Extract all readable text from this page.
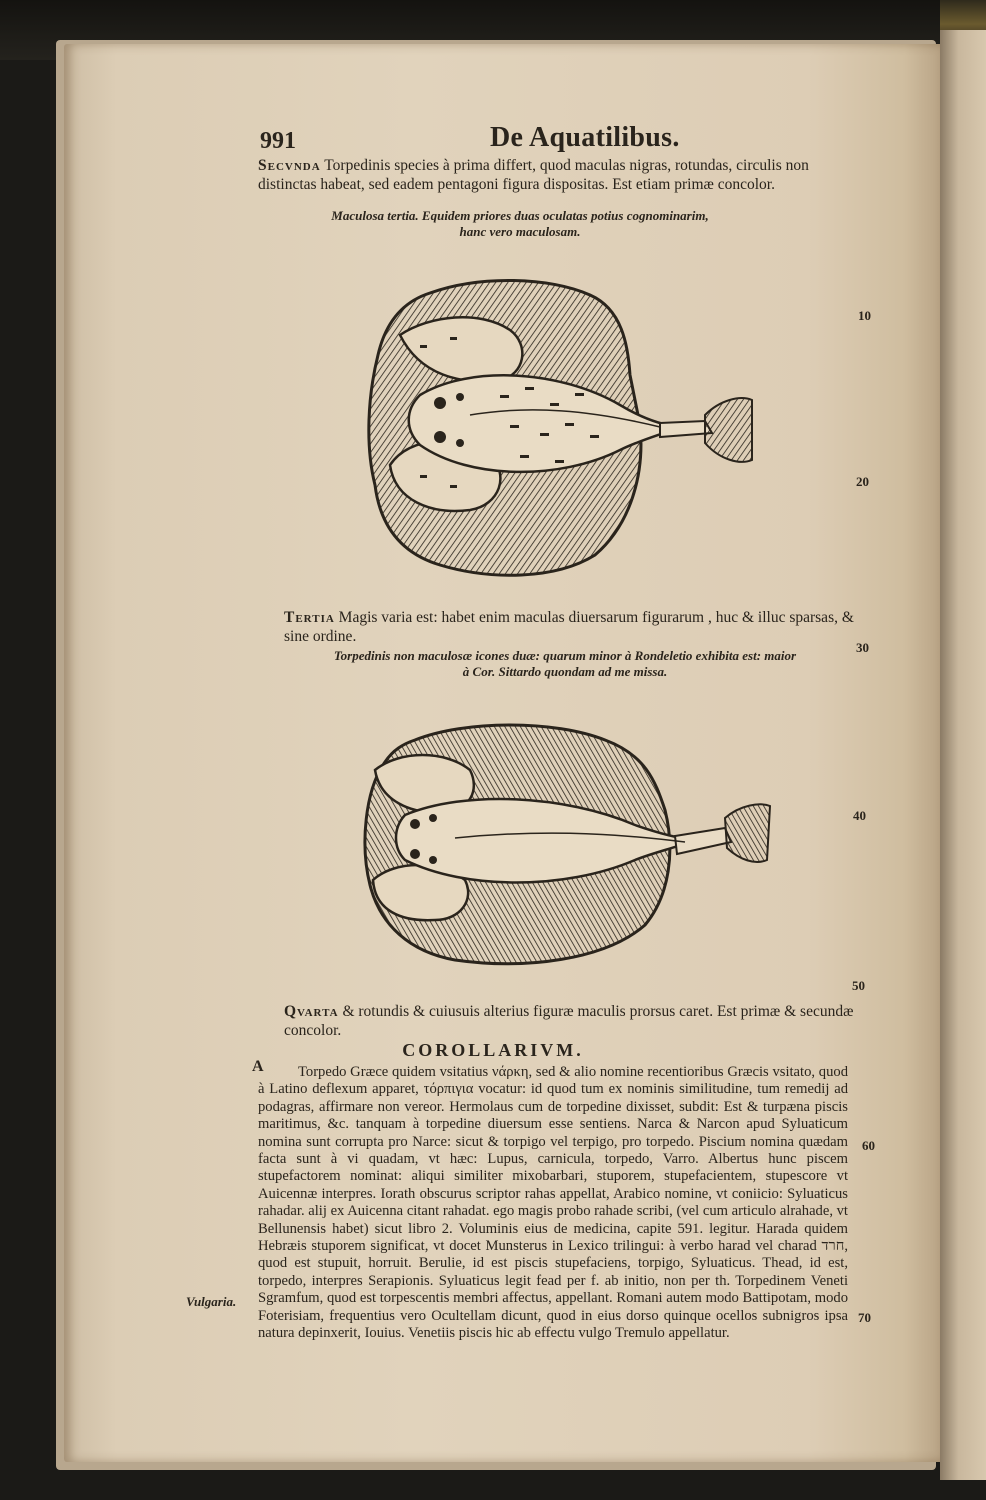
991	De Aquatilibus.
Secvnda Torpedinis species à prima differt, quod maculas nigras, rotundas, circulis non distinctas habeat, sed eadem pentagoni figura dispositas. Est etiam primæ concolor.
Maculosa tertia. Equidem priores duas oculatas potius cognominarim,
hanc vero maculosam.
Tertia Magis varia est: habet enim maculas diuersarum figurarum , huc & illuc sparsas, & sine ordine.
Torpedinis non maculosæ icones duæ: quarum minor à Rondeletio exhibita est: maior
à Cor. Sittardo quondam ad me missa.
Qvarta & rotundis & cuiusuis alterius figuræ maculis prorsus caret. Est primæ & secundæ concolor.
COROLLARIVM.
A	Torpedo Græce quidem vsitatius νάρκη, sed & alio nomine recentioribus Græcis vsitato, quod à Latino deflexum apparet, τόρπιγια vocatur: id quod tum ex nominis similitudine, tum remedij ad podagras, affirmare non vereor. Hermolaus cum de torpedine dixisset, subdit: Est & turpæna piscis maritimus, &c. tanquam à torpedine diuersum esse sentiens. Narca & Narcon apud Syluaticum nomina sunt corrupta pro Narce: sicut & torpigo vel terpigo, pro torpedo. Piscium nomina quædam facta sunt à vi quadam, vt hæc: Lupus, carnicula, torpedo, Varro. Albertus hunc piscem stupefactorem nominat: aliqui similiter mixobarbari, stuporem, stupefacientem, stupescore vt Auicennæ interpres. Iorath obscurus scriptor rahas appellat, Arabico nomine, vt coniicio: Syluaticus rahadar. alij ex Auicenna citant rahadat. ego magis probo rahade scribi, (vel cum articulo alrahade, vt Bellunensis habet) sicut libro 2. Voluminis eius de medicina, capite 591. legitur. Harada quidem Hebræis stuporem significat, vt docet Munsterus in Lexico trilingui: à verbo harad vel charad חרד, quod est stupuit, horruit. Berulie, id est piscis stupefaciens, torpigo, Syluaticus. Thead, id est, torpedo, interpres Serapionis. Syluaticus legit fead per f. ab initio, non per th. Torpedinem Veneti Sgramfum, quod est torpescentis membri affectus, appellant. Romani autem modo Battipotam, modo Foterisiam, frequentius vero Ocultellam dicunt, quod in eius dorso quinque ocellos subnigros ipsa natura depinxerit, Iouius. Venetiis piscis hic ab effectu vulgo Tremulo appellatur.

10
20
30
40
50
60
70
Vulgaria.
